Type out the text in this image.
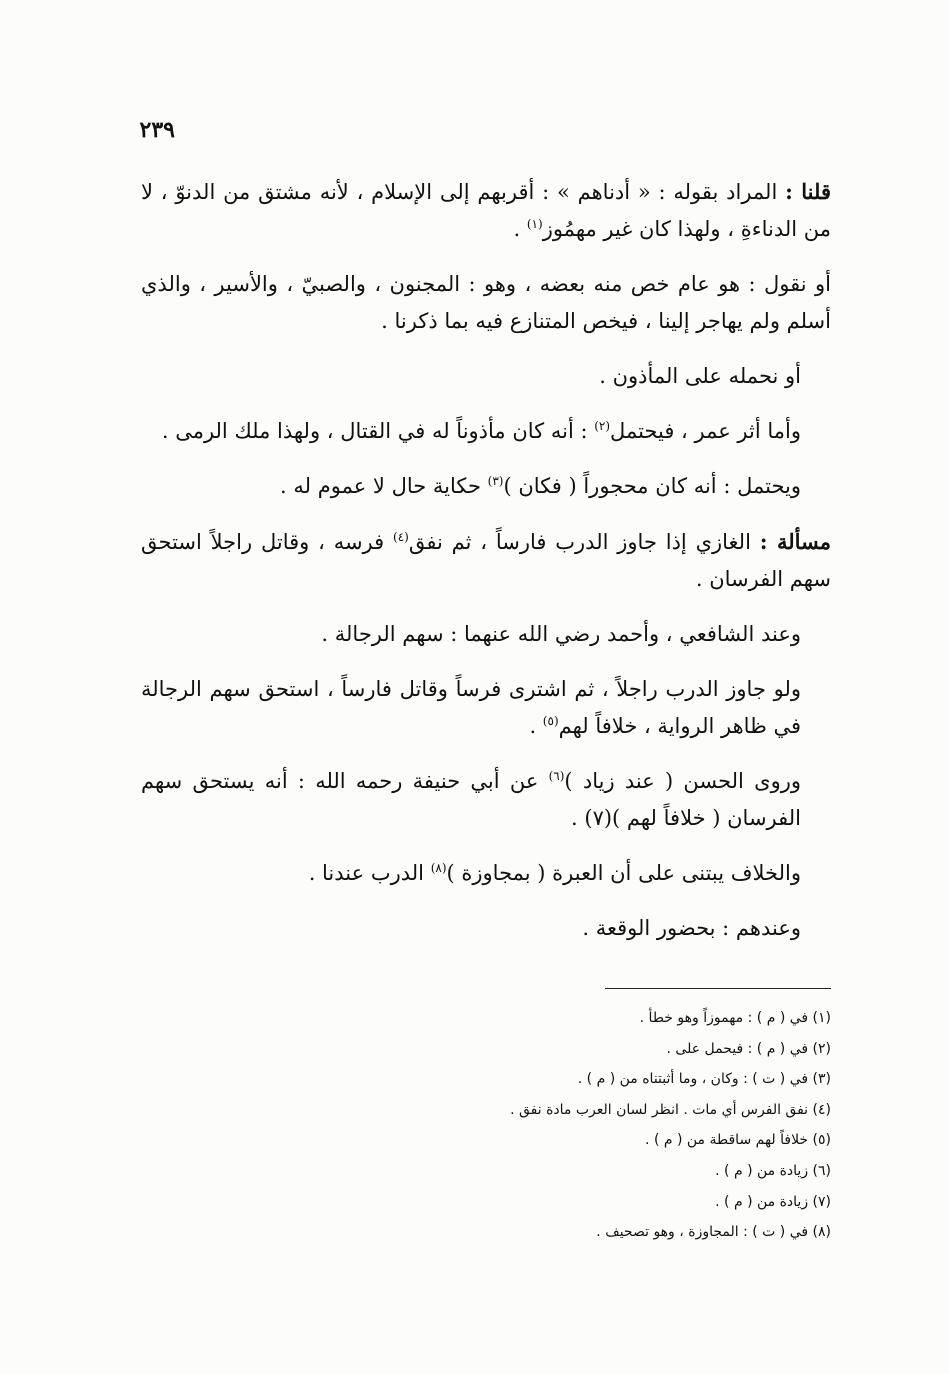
٢٣٩

قلنا : المراد بقوله : « أدناهم » : أقربهم إلى الإسلام ، لأنه مشتق من الدنوّ ، لا من الدناءةِ ، ولهذا كان غير مهمُوز$^{(١)}$ .

أو نقول : هو عام خص منه بعضه ، وهو : المجنون ، والصبيّ ، والأسير ، والذي أسلم ولم يهاجر إلينا ، فيخص المتنازع فيه بما ذكرنا .

أو نحمله على المأذون .

وأما أثر عمر ، فيحتمل$^{(٢)}$ : أنه كان مأذوناً له في القتال ، ولهذا ملك الرمى .

ويحتمل : أنه كان محجوراً ( فكان )$^{(٣)}$ حكاية حال لا عموم له .

مسألة : الغازي إذا جاوز الدرب فارساً ، ثم نفق$^{(٤)}$ فرسه ، وقاتل راجلاً استحق سهم الفرسان .

وعند الشافعي ، وأحمد رضي الله عنهما : سهم الرجالة .

ولو جاوز الدرب راجلاً ، ثم اشترى فرساً وقاتل فارساً ، استحق سهم الرجالة في ظاهر الرواية ، خلافاً لهم$^{(٥)}$ .

وروى الحسن ( عند زياد )$^{(٦)}$ عن أبي حنيفة رحمه الله : أنه يستحق سهم الفرسان ( خلافاً لهم )(٧) .

والخلاف يبتنى على أن العبرة ( بمجاوزة )$^{(٨)}$ الدرب عندنا .

وعندهم : بحضور الوقعة .

(١) في ( م ) : مهموزاً وهو خطأ .

(٢) في ( م ) : فيحمل على .

(٣) في ( ت ) : وكان ، وما أثبتناه من ( م ) .

(٤) نفق الفرس أي مات . انظر لسان العرب مادة نفق .

(٥) خلافاً لهم ساقطة من ( م ) .

(٦) زيادة من ( م ) .

(٧) زيادة من ( م ) .

(٨) في ( ت ) : المجاوزة ، وهو تصحيف .
